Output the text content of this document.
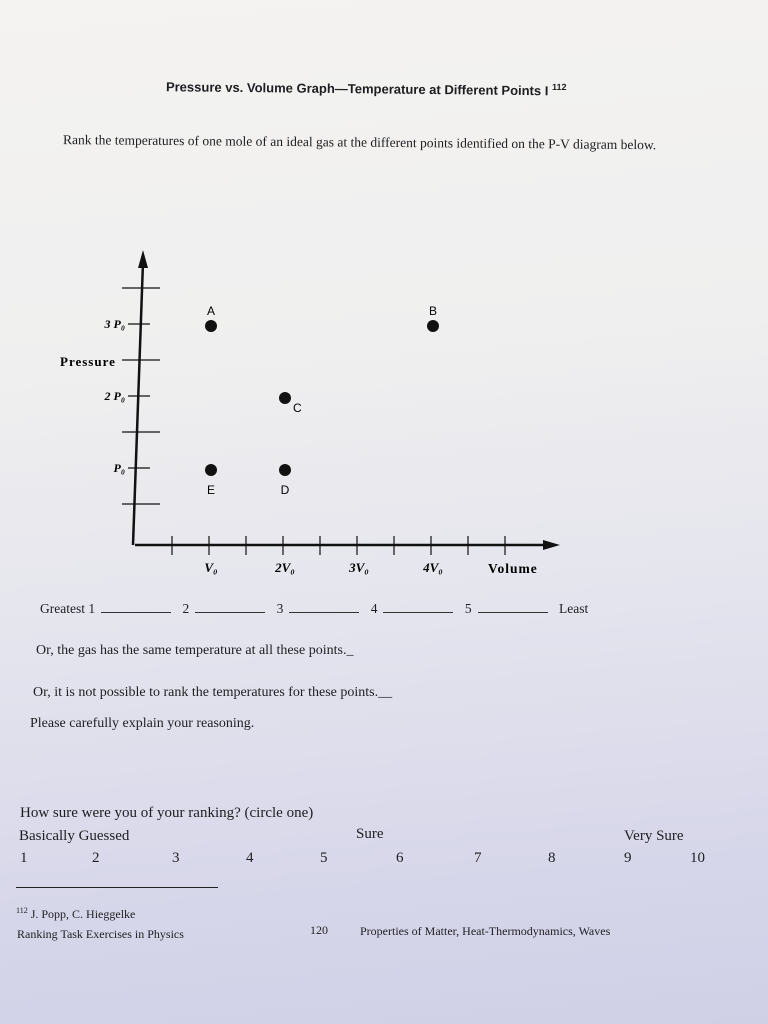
Pressure vs. Volume Graph—Temperature at Different Points I $^{112}$
Rank the temperatures of one mole of an ideal gas at the different points identified on the P-V diagram below.
V₀	2V₀	3V₀	4V₀
P₀
2 P₀
3 P₀
Volume
Pressure
A	B
C
D
E
Greatest 1	2	3	4	5	Least
Or, the gas has the same temperature at all these points._
Or, it is not possible to rank the temperatures for these points.__
Please carefully explain your reasoning.
How sure were you of your ranking? (circle one)
Basically Guessed	Sure	Very Sure
1	2	3	4	5	6	7	8	9	10
$^{112}$ J. Popp, C. Hieggelke
Ranking Task Exercises in Physics	120	Properties of Matter, Heat-Thermodynamics, Waves
